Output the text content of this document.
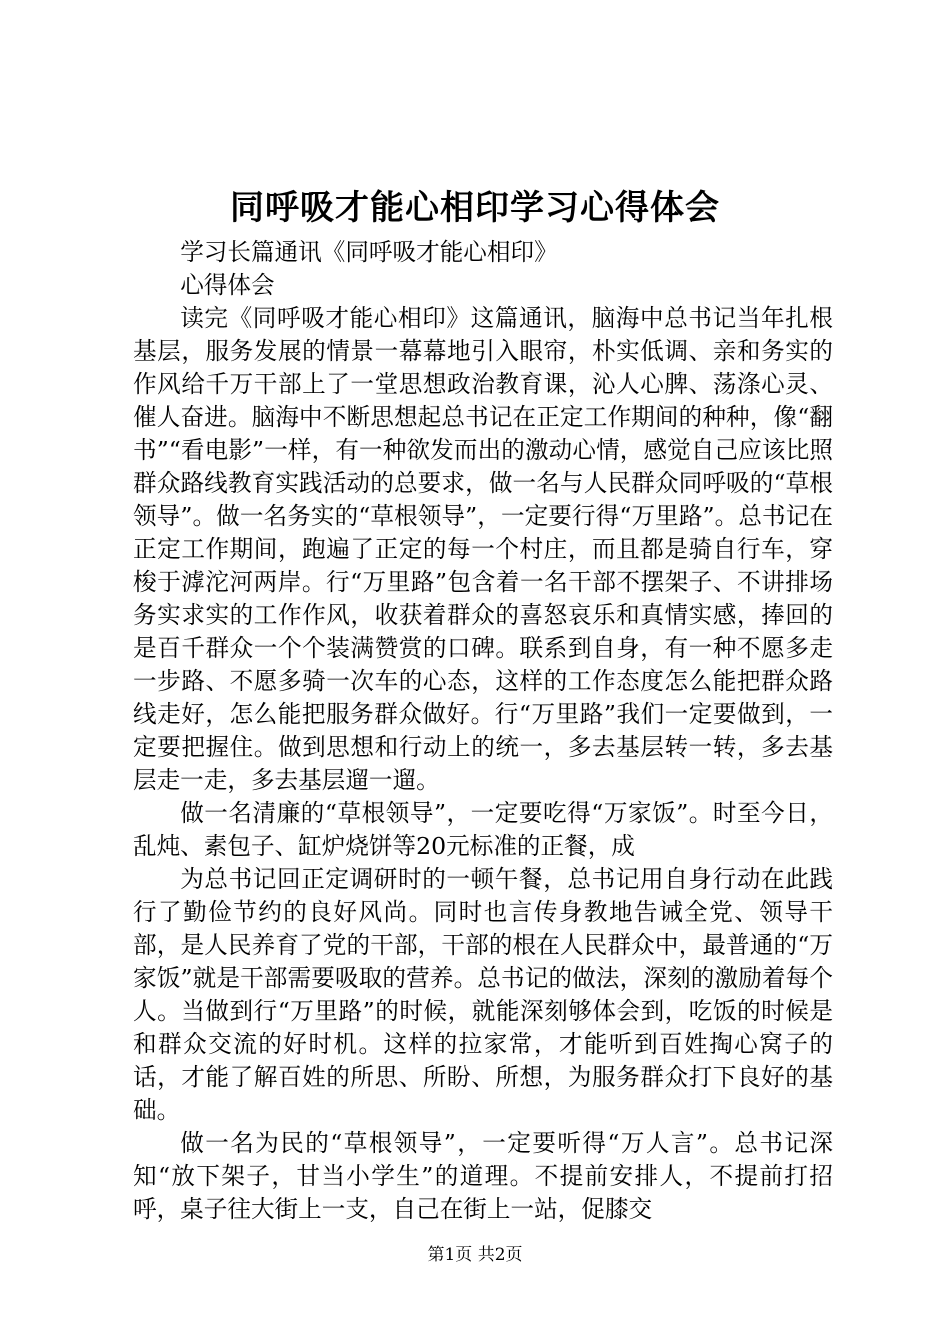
同呼吸才能心相印学习心得体会

学习长篇通讯《同呼吸才能心相印》

心得体会

读完《同呼吸才能心相印》这篇通讯，脑海中总书记当年扎根基层，服务发展的情景一幕幕地引入眼帘，朴实低调、亲和务实的作风给千万干部上了一堂思想政治教育课，沁人心脾、荡涤心灵、催人奋进。脑海中不断思想起总书记在正定工作期间的种种，像“翻书”“看电影”一样，有一种欲发而出的激动心情，感觉自己应该比照群众路线教育实践活动的总要求，做一名与人民群众同呼吸的“草根领导”。做一名务实的“草根领导”，一定要行得“万里路”。总书记在正定工作期间，跑遍了正定的每一个村庄，而且都是骑自行车，穿梭于滹沱河两岸。行“万里路”包含着一名干部不摆架子、不讲排场务实求实的工作作风，收获着群众的喜怒哀乐和真情实感，捧回的是百千群众一个个装满赞赏的口碑。联系到自身，有一种不愿多走一步路、不愿多骑一次车的心态，这样的工作态度怎么能把群众路线走好，怎么能把服务群众做好。行“万里路”我们一定要做到，一定要把握住。做到思想和行动上的统一，多去基层转一转，多去基层走一走，多去基层遛一遛。

做一名清廉的“草根领导”，一定要吃得“万家饭”。时至今日，乱炖、素包子、缸炉烧饼等20元标准的正餐，成

为总书记回正定调研时的一顿午餐，总书记用自身行动在此践行了勤俭节约的良好风尚。同时也言传身教地告诫全党、领导干部，是人民养育了党的干部，干部的根在人民群众中，最普通的“万家饭”就是干部需要吸取的营养。总书记的做法，深刻的激励着每个人。当做到行“万里路”的时候，就能深刻够体会到，吃饭的时候是和群众交流的好时机。这样的拉家常，才能听到百姓掏心窝子的话，才能了解百姓的所思、所盼、所想，为服务群众打下良好的基础。

做一名为民的“草根领导”，一定要听得“万人言”。总书记深知“放下架子，甘当小学生”的道理。不提前安排人，不提前打招呼，桌子往大街上一支，自己在街上一站，促膝交

第1页 共2页
